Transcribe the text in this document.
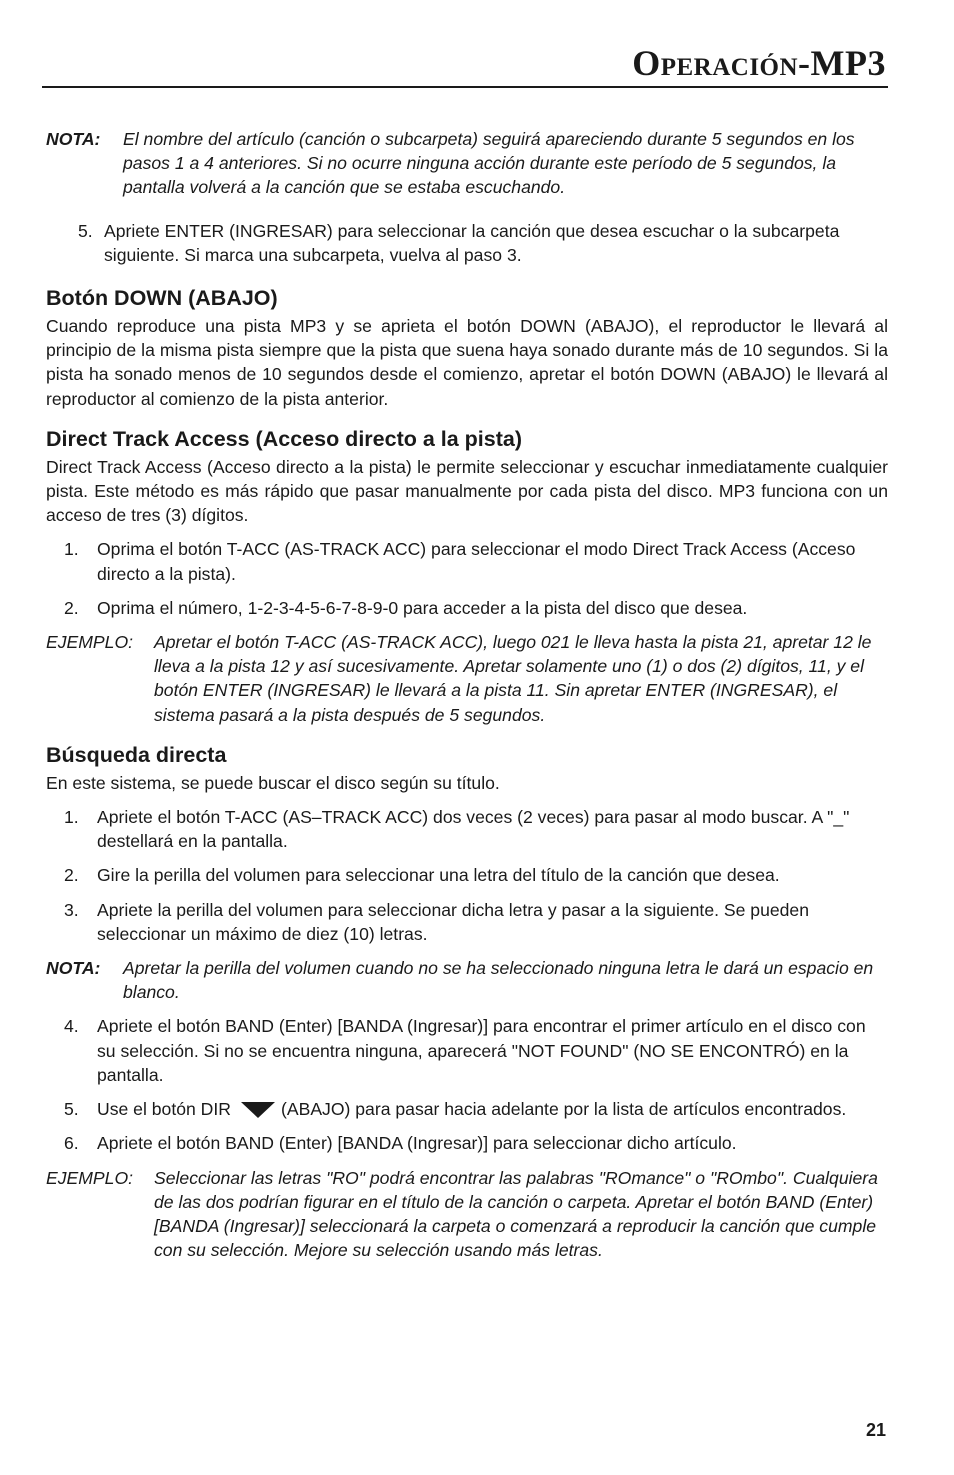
Operación-MP3
NOTA: El nombre del artículo (canción o subcarpeta) seguirá apareciendo durante 5 segundos en los pasos 1 a 4 anteriores. Si no ocurre ninguna acción durante este período de 5 segundos, la pantalla volverá a la canción que se estaba escuchando.
5. Apriete ENTER (INGRESAR) para seleccionar la canción que desea escuchar o la subcarpeta siguiente. Si marca una subcarpeta, vuelva al paso 3.
Botón DOWN (ABAJO)

Cuando reproduce una pista MP3 y se aprieta el botón DOWN (ABAJO), el reproductor le llevará al principio de la misma pista siempre que la pista que suena haya sonado durante más de 10 segundos. Si la pista ha sonado menos de 10 segundos desde el comienzo, apretar el botón DOWN (ABAJO) le llevará al reproductor al comienzo de la pista anterior.

Direct Track Access (Acceso directo a la pista)

Direct Track Access (Acceso directo a la pista) le permite seleccionar y escuchar inmediatamente cualquier pista. Este método es más rápido que pasar manualmente por cada pista del disco. MP3 funciona con un acceso de tres (3) dígitos.

1. Oprima el botón T-ACC (AS-TRACK ACC) para seleccionar el modo Direct Track Access (Acceso directo a la pista).
2. Oprima el número, 1-2-3-4-5-6-7-8-9-0 para acceder a la pista del disco que desea.
EJEMPLO: Apretar el botón T-ACC (AS-TRACK ACC), luego 021 le lleva hasta la pista 21, apretar 12 le lleva a la pista 12 y así sucesivamente. Apretar solamente uno (1) o dos (2) dígitos, 11, y el botón ENTER (INGRESAR) le llevará a la pista 11. Sin apretar ENTER (INGRESAR), el sistema pasará a la pista después de 5 segundos.
Búsqueda directa

En este sistema, se puede buscar el disco según su título.

1. Apriete el botón T-ACC (AS–TRACK ACC) dos veces (2 veces) para pasar al modo buscar. A "_" destellará en la pantalla.
2. Gire la perilla del volumen para seleccionar una letra del título de la canción que desea.
3. Apriete la perilla del volumen para seleccionar dicha letra y pasar a la siguiente. Se pueden seleccionar un máximo de diez (10) letras.
NOTA: Apretar la perilla del volumen cuando no se ha seleccionado ninguna letra le dará un espacio en blanco.
4. Apriete el botón BAND (Enter) [BANDA (Ingresar)] para encontrar el primer artículo en el disco con su selección. Si no se encuentra ninguna, aparecerá "NOT FOUND" (NO SE ENCONTRÓ) en la pantalla.
5. Use el botón DIR	(ABAJO) para pasar hacia adelante por la lista de artículos encontrados.
6. Apriete el botón BAND (Enter) [BANDA (Ingresar)] para seleccionar dicho artículo.
EJEMPLO: Seleccionar las letras "RO" podrá encontrar las palabras "ROmance" o "ROmbo". Cualquiera de las dos podrían figurar en el título de la canción o carpeta. Apretar el botón BAND (Enter) [BANDA (Ingresar)] seleccionará la carpeta o comenzará a reproducir la canción que cumple con su selección. Mejore su selección usando más letras.
21
